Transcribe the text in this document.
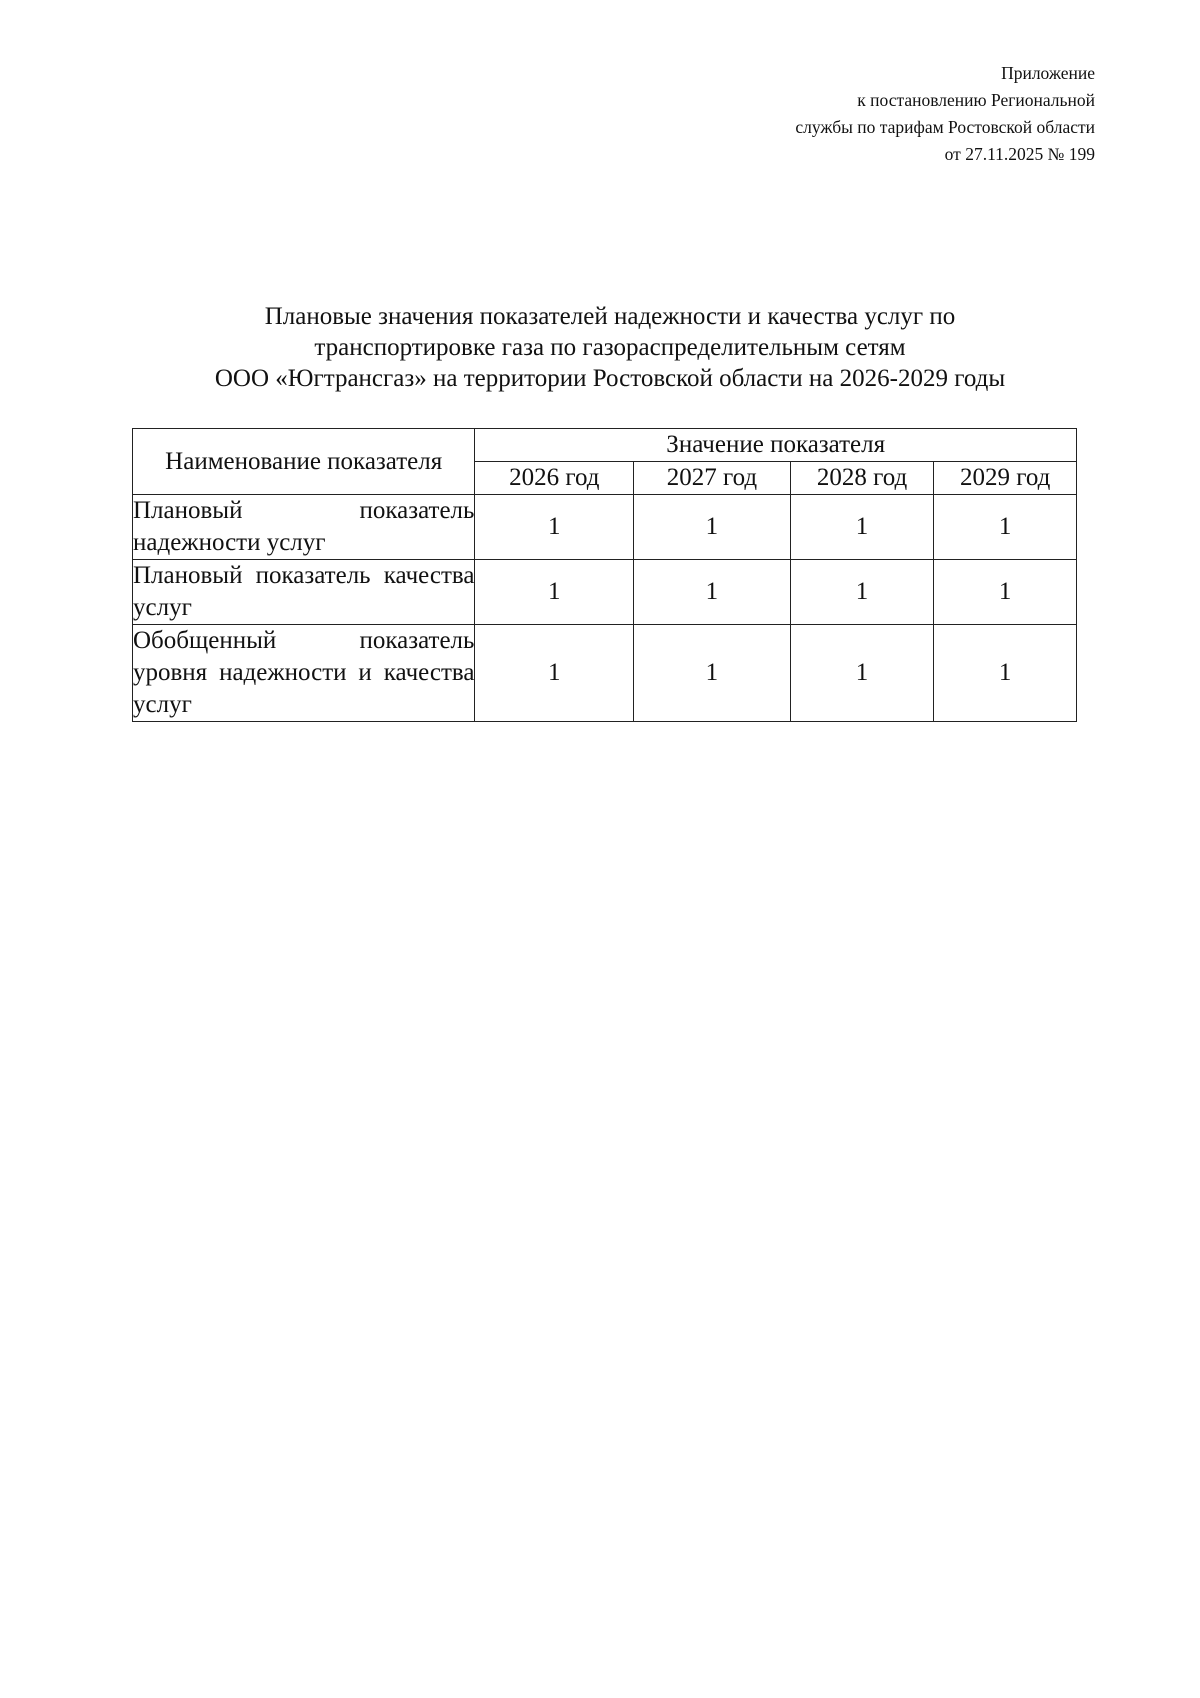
Приложение
к постановлению Региональной
службы по тарифам Ростовской области
от 27.11.2025 № 199
Плановые значения показателей надежности и качества услуг по
транспортировке газа по газораспределительным сетям
ООО «Югтрансгаз» на территории Ростовской области на 2026-2029 годы
Наименование показателя	Значение показателя			
	2026 год	2027 год	2028 год	2029 год
Плановый показатель надежности услуг	1	1	1	1
Плановый показатель качества услуг	1	1	1	1
Обобщенный показатель уровня надежности и качества услуг	1	1	1	1
